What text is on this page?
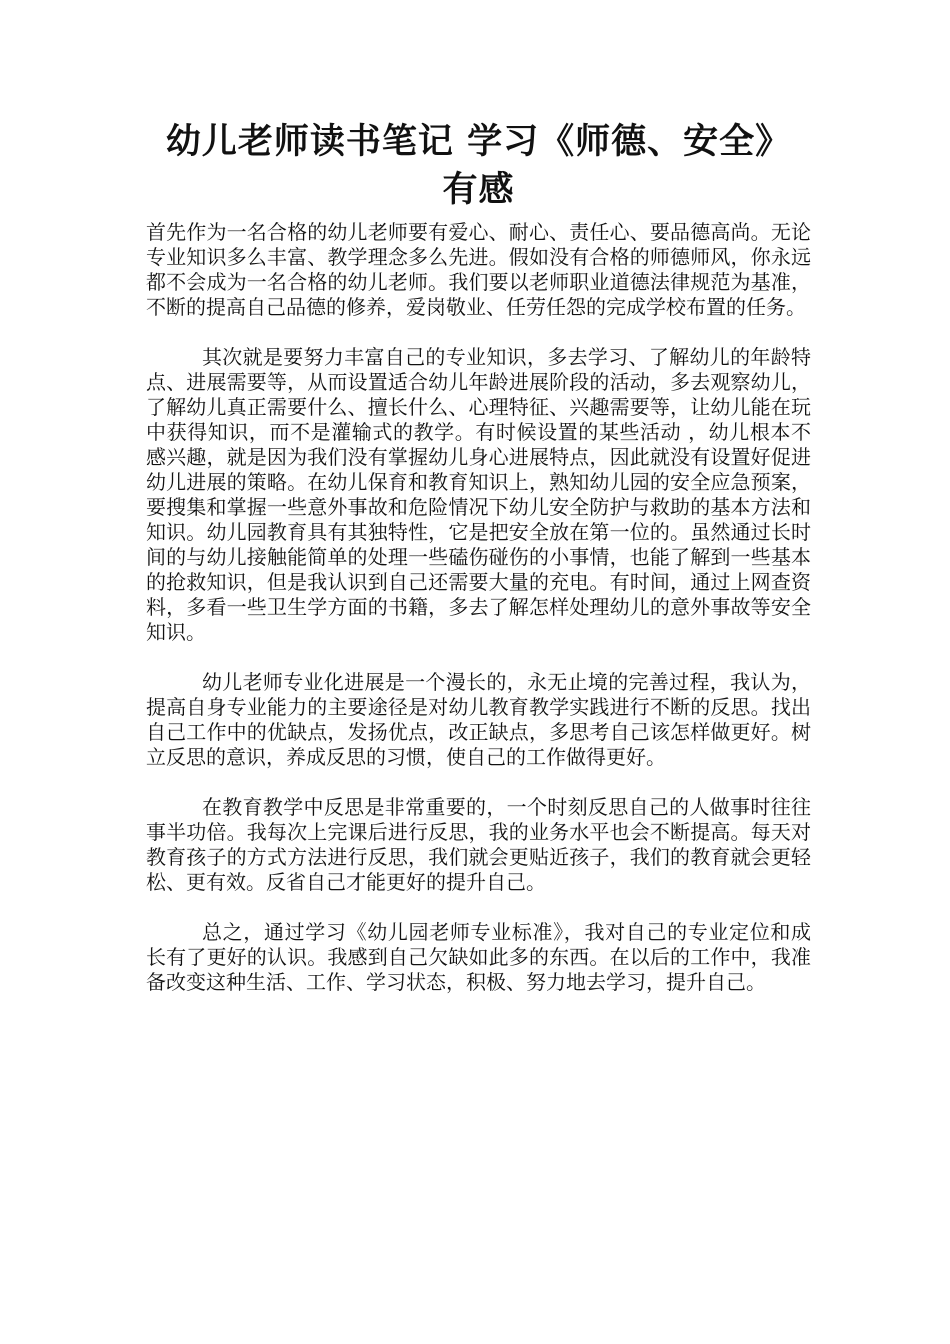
幼儿老师读书笔记 学习《师德、安全》有感

首先作为一名合格的幼儿老师要有爱心、耐心、责任心、要品德高尚。无论专业知识多么丰富、教学理念多么先进。假如没有合格的师德师风，你永远都不会成为一名合格的幼儿老师。我们要以老师职业道德法律规范为基准，不断的提高自己品德的修养，爱岗敬业、任劳任怨的完成学校布置的任务。

其次就是要努力丰富自己的专业知识，多去学习、了解幼儿的年龄特点、进展需要等，从而设置适合幼儿年龄进展阶段的活动，多去观察幼儿，了解幼儿真正需要什么、擅长什么、心理特征、兴趣需要等，让幼儿能在玩中获得知识，而不是灌输式的教学。有时候设置的某些活动 ，幼儿根本不感兴趣，就是因为我们没有掌握幼儿身心进展特点，因此就没有设置好促进幼儿进展的策略。在幼儿保育和教育知识上，熟知幼儿园的安全应急预案，要搜集和掌握一些意外事故和危险情况下幼儿安全防护与救助的基本方法和知识。幼儿园教育具有其独特性，它是把安全放在第一位的。虽然通过长时间的与幼儿接触能简单的处理一些磕伤碰伤的小事情，也能了解到一些基本的抢救知识，但是我认识到自己还需要大量的充电。有时间，通过上网查资料，多看一些卫生学方面的书籍，多去了解怎样处理幼儿的意外事故等安全知识。

幼儿老师专业化进展是一个漫长的，永无止境的完善过程，我认为，提高自身专业能力的主要途径是对幼儿教育教学实践进行不断的反思。找出自己工作中的优缺点，发扬优点，改正缺点，多思考自己该怎样做更好。树立反思的意识，养成反思的习惯，使自己的工作做得更好。

在教育教学中反思是非常重要的，一个时刻反思自己的人做事时往往事半功倍。我每次上完课后进行反思，我的业务水平也会不断提高。每天对教育孩子的方式方法进行反思，我们就会更贴近孩子，我们的教育就会更轻松、更有效。反省自己才能更好的提升自己。

总之，通过学习《幼儿园老师专业标准》，我对自己的专业定位和成长有了更好的认识。我感到自己欠缺如此多的东西。在以后的工作中，我准备改变这种生活、工作、学习状态，积极、努力地去学习，提升自己。
